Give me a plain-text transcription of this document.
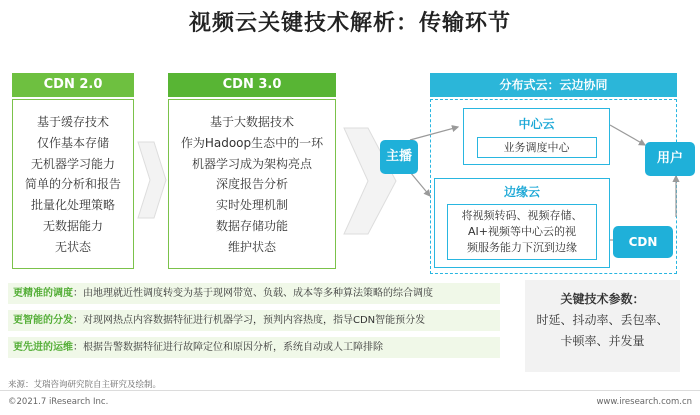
视频云关键技术解析：传输环节
CDN 2.0
基于缓存技术
仅作基本存储
无机器学习能力
简单的分析和报告
批量化处理策略
无数据能力
无状态
CDN 3.0
基于大数据技术
作为Hadoop生态中的一环
机器学习成为架构亮点
深度报告分析
实时处理机制
数据存储功能
维护状态
分布式云：云边协同
主播
中心云
业务调度中心
边缘云
将视频转码、视频存储、
AI+视频等中心云的视
频服务能力下沉到边缘
用户
CDN
更精准的调度：由地理就近性调度转变为基于现网带宽、负载、成本等多种算法策略的综合调度
更智能的分发：对现网热点内容数据特征进行机器学习，预判内容热度，指导CDN智能预分发
更先进的运维：根据告警数据特征进行故障定位和原因分析，系统自动或人工障排除
关键技术参数：
时延、抖动率、丢包率、
卡顿率、并发量
来源：艾瑞咨询研究院自主研究及绘制。
©2021.7 iResearch Inc.	www.iresearch.com.cn
